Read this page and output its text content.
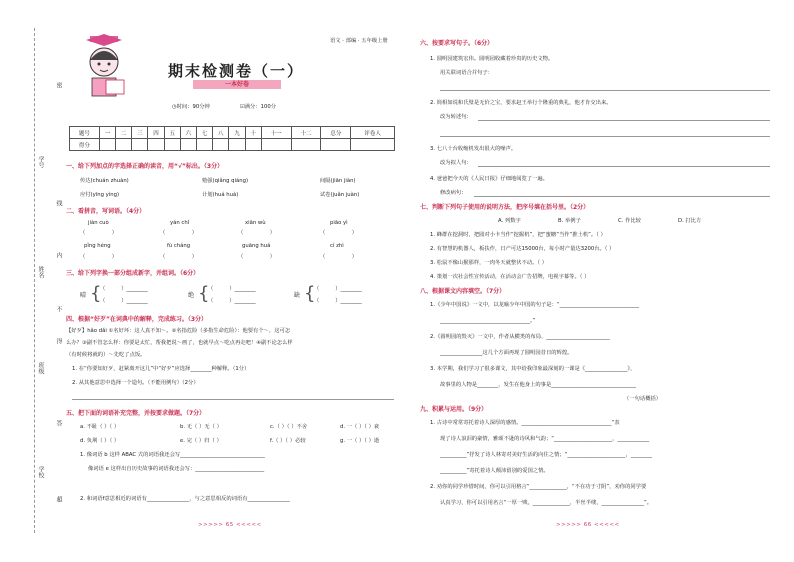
学号
姓名
班级
学校
密
线
内
不
得
答
超
语文 · 部编 · 五年级上册
期末检测卷（一）
一本好卷
◷时间：90分钟	☑满分：100分
题号	一	二	三	四	五	六	七	八	九	十	十一	十二	总分	评卷人
得分														
一、给下列加点的字选择正确的读音，用“√”标出。（3分）
传达(chuán zhuàn)	勉强(qiǎng qiáng)	间隔(jiān jiàn)
应付(yīng yìng)	计划(huá huà)	试卷(juǎn juàn)
二、看拼音，写词语。（4分）
jiàn cuò	yán chǐ	xiān wù	piāo yì
（　　　　　）	（　　　　　）	（　　　　　）	（　　　　　）
pǐng héng	fù cháng	guāng huá	cí zhì
（　　　　　）	（　　　　　）	（　　　　　）	（　　　　　）
三、给下列字换一部分组成新字，并组词。（6分）
晴 {
（　　　）________
（　　　）________
绝 {
（　　　）________
（　　　）________
缺 {
（　　　）________
（　　　）________
四、根据“好歹”在词典中的解释，完成练习。（3分）
【好歹】hǎo dǎi ①名好坏：这人真不知～。②名指危险（多指生命危险）：他要有个～，这可怎
么办？③副不管怎么样：你要是太忙，帮我把说～画了，也就早点～吃点再走吧！④副不论怎么样
（有时候将就的）～先吃了点饭。
1. 在“你要知好歹，赶紧离开这儿”中“好歹”应选择________种解释。（1分）
2. 从其他意思中选择一个造句。（不能用例句）（2分）
五、把下面的词语补充完整，并按要求做题。（7分）
a. 不耻（ ）（ ）	b. 无（ ）无（ ）	c.（ ）（ ）不舍	d. 一（ ）（ ）衰
d. 负荆（ ）（ ）	e. 完（ ）归（ ）	f.（ ）（ ）必较	g. 一（ ）（ ）逝
1. 像词语 b 这样 ABAC 式的词语我还会写________________________________
像词语 e 这样出自历史故事的词语我还会写：__________________________
2. 和词语f意思相近的词语有________________，与之意思相反的词语有________________
>>>>> 65 <<<<<
六、按要求写句子。（6分）
1. 圆明园建筑宏伟。圆明园收藏着珍贵的历史文物。
用关联词语合并句子：
2. 简相如说和氏璧是无价之宝，要求赵王举行个隆重的典礼，他才肯交出来。
改为转述句：
3. 七八十台收缩机发出很大的噪声。
改为拟人句：
4. 爸爸把今天的《人民日报》仔细地阅览了一遍。
修改病句：
七、判断下列句子使用的说明方法，把序号填在括号里。（2分）
A. 列数字	B. 举例子	C. 作比较	D. 打比方
1. 蜂群在挖洞时，把圆对小卡当作“挖掘机”，把“蜜糖”当作“推土机”。（ ）
2. 有智慧的机器人，板扶作，日产可达15000台，每小时产量达3200台。（ ）
3. 松鼠不像山猴那样，一肉冬天就整伏不动。（ ）
4. 策划一次社会性宣传活动，在活动会广告招牌，电视字幕等。（ ）
八、根据课文内容填空。（7分）
1.《少年中国说》一文中，以龙喻少年中国的句子是：“______________________________
__________________________________。”
2.《圆明园的毁灭》一文中，作者从横类的布局、________________________
________________这几个方面再现了圆明园昔日的辉煌。
3. 本学期，我们学习了很多课文，其中给我印象最深刻的一课是《________________》，
故事里的人物是________，发生在他身上的事是________________________________
（一句话概括）
九、积累与运用。（9分）
1. 古诗中常常寄托着诗人深厚的感情。__________________________________“表
现了诗人浪泪的豪情，雅颂不逊的诗风和气韵；“______________________，____________
__________”抒发了诗人林寄对美好生活的向往之情；“______________________，________
__________”寄托着诗人颠沛留别的爱国之情。
2. 劝你的同学珍惜时间，你可以引用格言“______________，“不在功于寸阴”，劝你的同学要
认真学习，你可以引用名言“一厚一贱，______________，半丝半缕，________________”。
>>>>> 66 <<<<<
